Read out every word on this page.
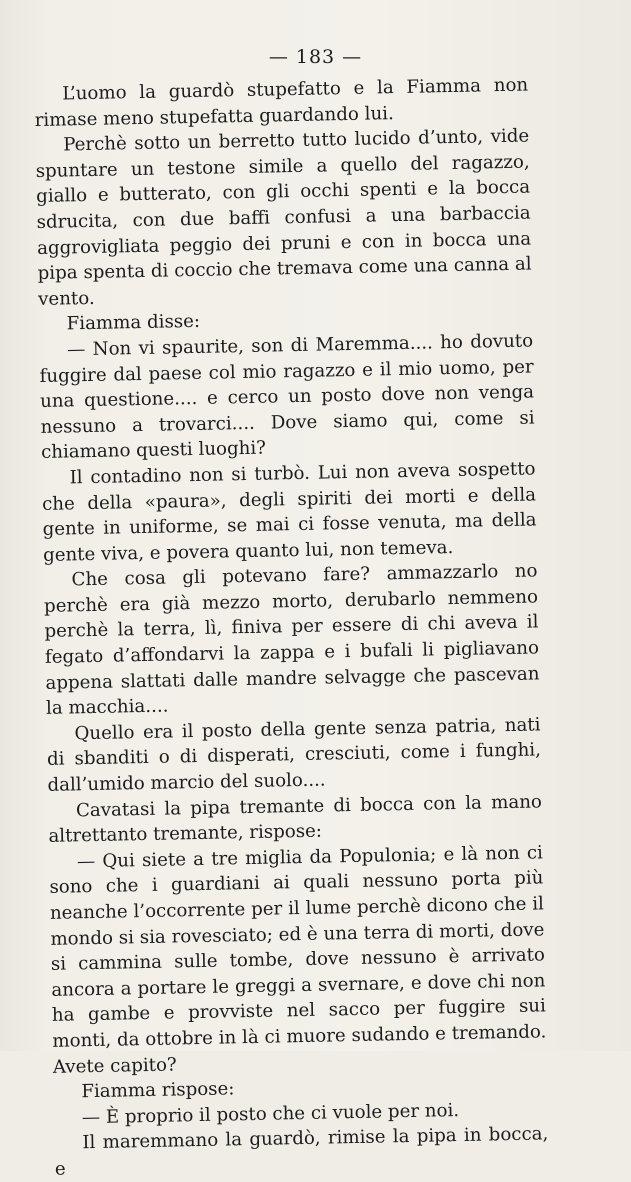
— 183 —

L’uomo la guardò stupefatto e la Fiamma non rimase meno stupefatta guardando lui.

Perchè sotto un berretto tutto lucido d’unto, vide spuntare un testone simile a quello del ragazzo, giallo e butterato, con gli occhi spenti e la bocca sdrucita, con due baffi confusi a una barbaccia aggrovigliata peggio dei pruni e con in bocca una pipa spenta di coccio che tremava come una canna al vento.

Fiamma disse:

— Non vi spaurite, son di Maremma.... ho dovuto fuggire dal paese col mio ragazzo e il mio uomo, per una questione.... e cerco un posto dove non venga nessuno a trovarci.... Dove siamo qui, come si chiamano questi luoghi?

Il contadino non si turbò. Lui non aveva sospetto che della «paura», degli spiriti dei morti e della gente in uniforme, se mai ci fosse venuta, ma della gente viva, e povera quanto lui, non temeva.

Che cosa gli potevano fare? ammazzarlo no perchè era già mezzo morto, derubarlo nemmeno perchè la terra, lì, finiva per essere di chi aveva il fegato d’affondarvi la zappa e i bufali li pigliavano appena slattati dalle mandre selvagge che pascevan la macchia....

Quello era il posto della gente senza patria, nati di sbanditi o di disperati, cresciuti, come i funghi, dall’umido marcio del suolo....

Cavatasi la pipa tremante di bocca con la mano altrettanto tremante, rispose:

— Qui siete a tre miglia da Populonia; e là non ci sono che i guardiani ai quali nessuno porta più neanche l’occorrente per il lume perchè dicono che il mondo si sia rovesciato; ed è una terra di morti, dove si cammina sulle tombe, dove nessuno è arrivato ancora a portare le greggi a svernare, e dove chi non ha gambe e provviste nel sacco per fuggire sui monti, da ottobre in là ci muore sudando e tremando. Avete capito?

Fiamma rispose:

— È proprio il posto che ci vuole per noi.

Il maremmano la guardò, rimise la pipa in bocca, e
